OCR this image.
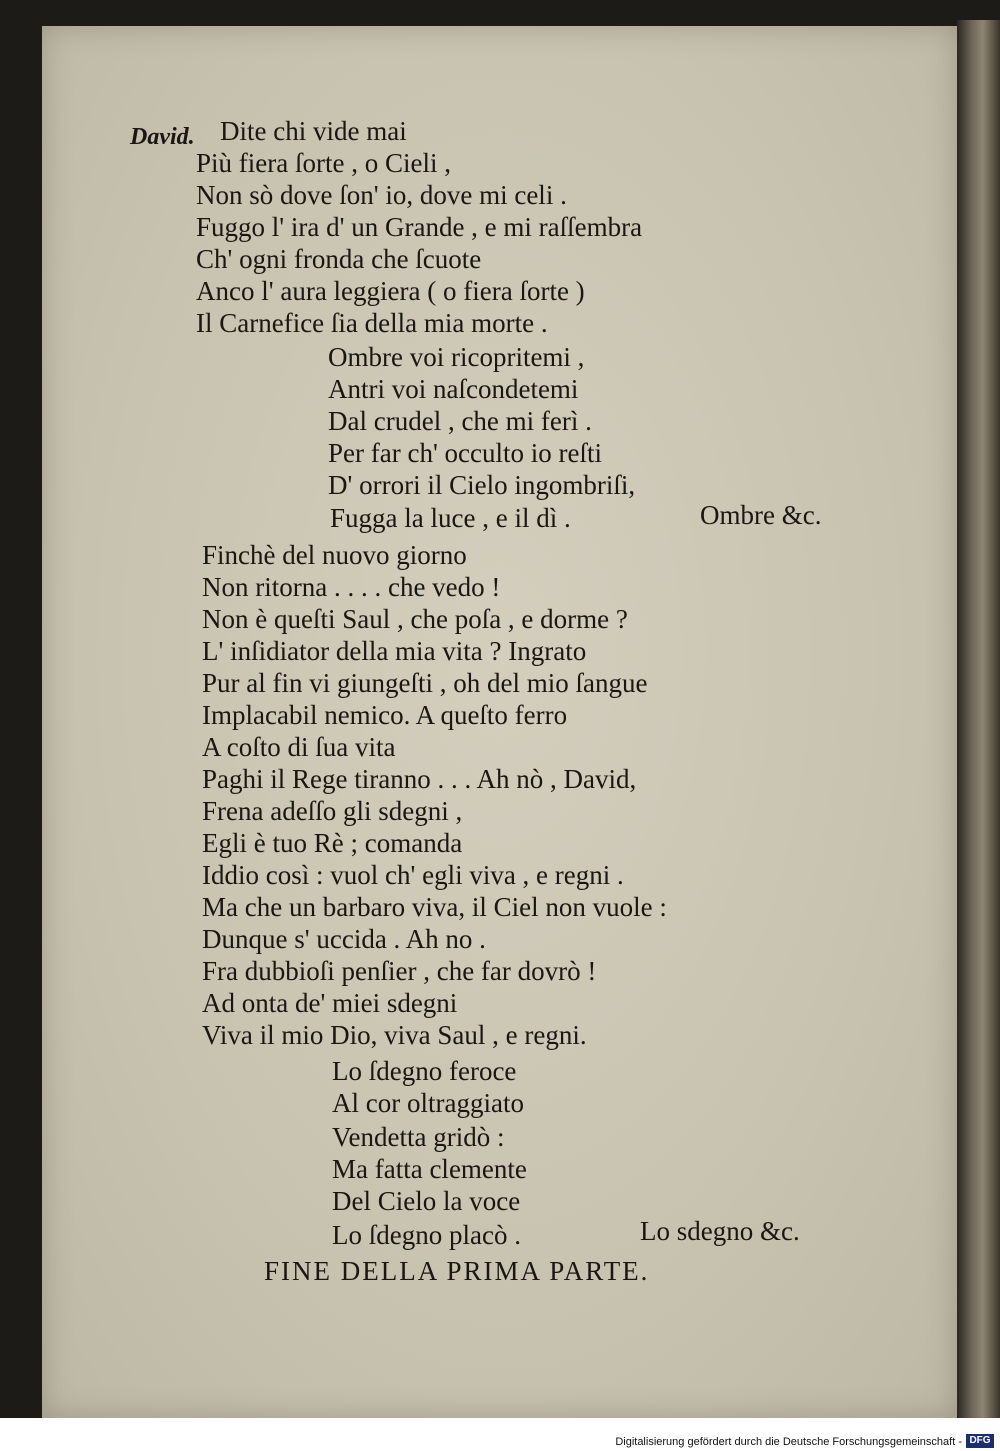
David. Dite chi vide mai
Più fiera ſorte , o Cieli ,
Non sò dove ſon' io, dove mi celi .
Fuggo l' ira d' un Grande , e mi raſſembra
Ch' ogni fronda che ſcuote
Anco l' aura leggiera ( o fiera ſorte )
Il Carnefice ſia della mia morte .
Ombre voi ricopritemi ,
Antri voi naſcondetemi
Dal crudel , che mi ferì .
Per far ch' occulto io reſti
D' orrori il Cielo ingombriſi,
Fugga la luce , e il dì .	Ombre &c.
Finchè del nuovo giorno
Non ritorna . . . . che vedo !
Non è queſti Saul , che poſa , e dorme ?
L' inſidiator della mia vita ? Ingrato
Pur al fin vi giungeſti , oh del mio ſangue
Implacabil nemico. A queſto ferro
A coſto di ſua vita
Paghi il Rege tiranno . . . Ah nò , David,
Frena adeſſo gli sdegni ,
Egli è tuo Rè ; comanda
Iddio così : vuol ch' egli viva , e regni .
Ma che un barbaro viva, il Ciel non vuole :
Dunque s' uccida . Ah no .
Fra dubbioſi penſier , che far dovrò !
Ad onta de' miei sdegni
Viva il mio Dio, viva Saul , e regni.
Lo ſdegno feroce
Al cor oltraggiato
Vendetta gridò :
Ma fatta clemente
Del Cielo la voce
Lo ſdegno placò .	Lo sdegno &c.
FINE DELLA PRIMA PARTE.
Digitalisierung gefördert durch die Deutsche Forschungsgemeinschaft - DFG
